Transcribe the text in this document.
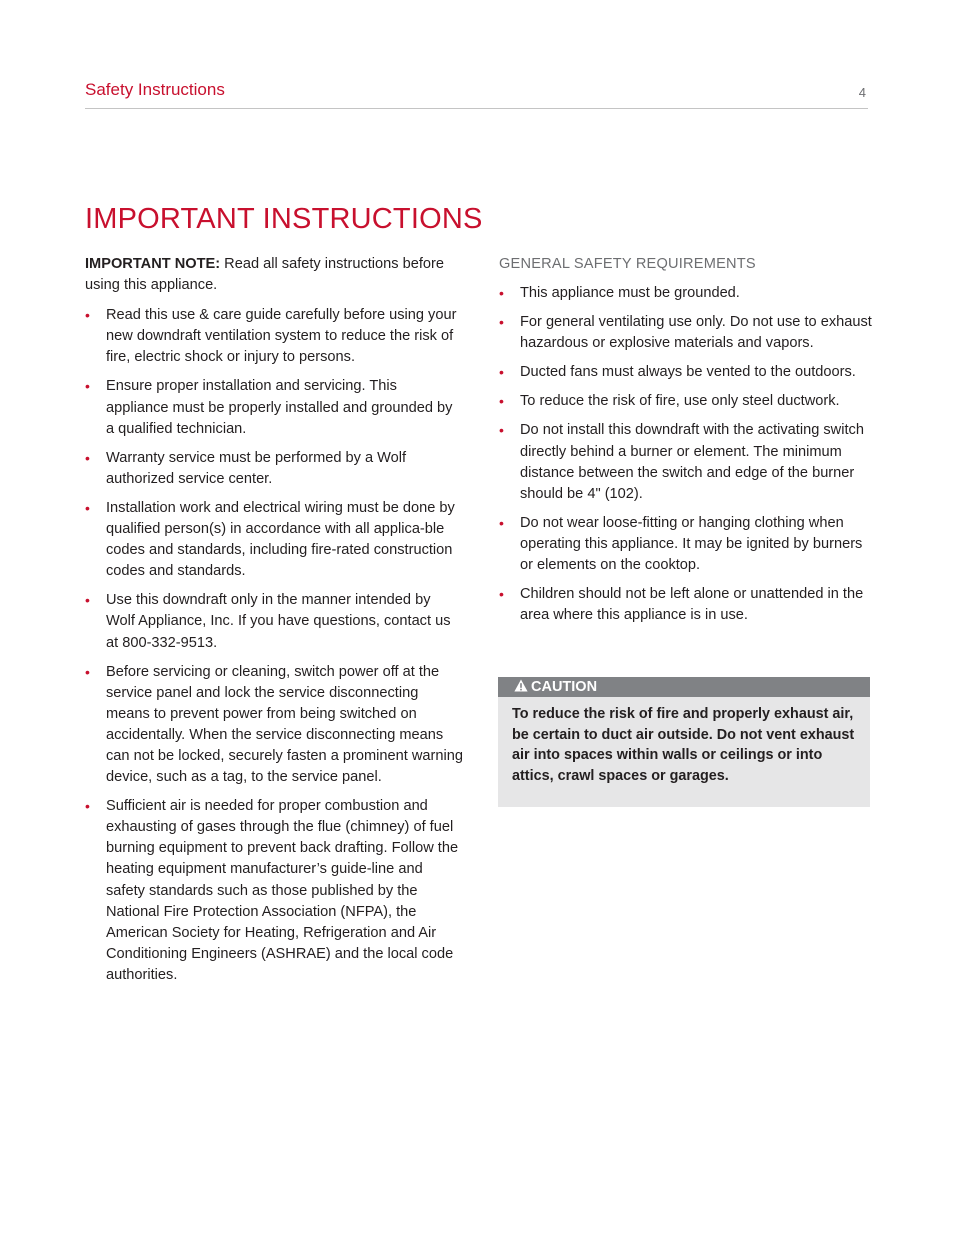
Safety Instructions	4
IMPORTANT INSTRUCTIONS

IMPORTANT NOTE: Read all safety instructions before using this appliance.

• Read this use & care guide carefully before using your new downdraft ventilation system to reduce the risk of fire, electric shock or injury to persons.
• Ensure proper installation and servicing. This appliance must be properly installed and grounded by a qualified technician.
• Warranty service must be performed by a Wolf authorized service center.
• Installation work and electrical wiring must be done by qualified person(s) in accordance with all applica-ble codes and standards, including fire-rated construction codes and standards.
• Use this downdraft only in the manner intended by Wolf Appliance, Inc. If you have questions, contact us at 800-332-9513.
• Before servicing or cleaning, switch power off at the service panel and lock the service disconnecting means to prevent power from being switched on accidentally. When the service disconnecting means can not be locked, securely fasten a prominent warning device, such as a tag, to the service panel.
• Sufficient air is needed for proper combustion and exhausting of gases through the flue (chimney) of fuel burning equipment to prevent back drafting. Follow the heating equipment manufacturer’s guide-line and safety standards such as those published by the National Fire Protection Association (NFPA), the American Society for Heating, Refrigeration and Air Conditioning Engineers (ASHRAE) and the local code authorities.
GENERAL SAFETY REQUIREMENTS
• This appliance must be grounded.
• For general ventilating use only. Do not use to exhaust hazardous or explosive materials and vapors.
• Ducted fans must always be vented to the outdoors.
• To reduce the risk of fire, use only steel ductwork.
• Do not install this downdraft with the activating switch directly behind a burner or element. The minimum distance between the switch and edge of the burner should be 4" (102).
• Do not wear loose-fitting or hanging clothing when operating this appliance. It may be ignited by burners or elements on the cooktop.
• Children should not be left alone or unattended in the area where this appliance is in use.
CAUTION
To reduce the risk of fire and properly exhaust air, be certain to duct air outside. Do not vent exhaust air into spaces within walls or ceilings or into attics, crawl spaces or garages.
